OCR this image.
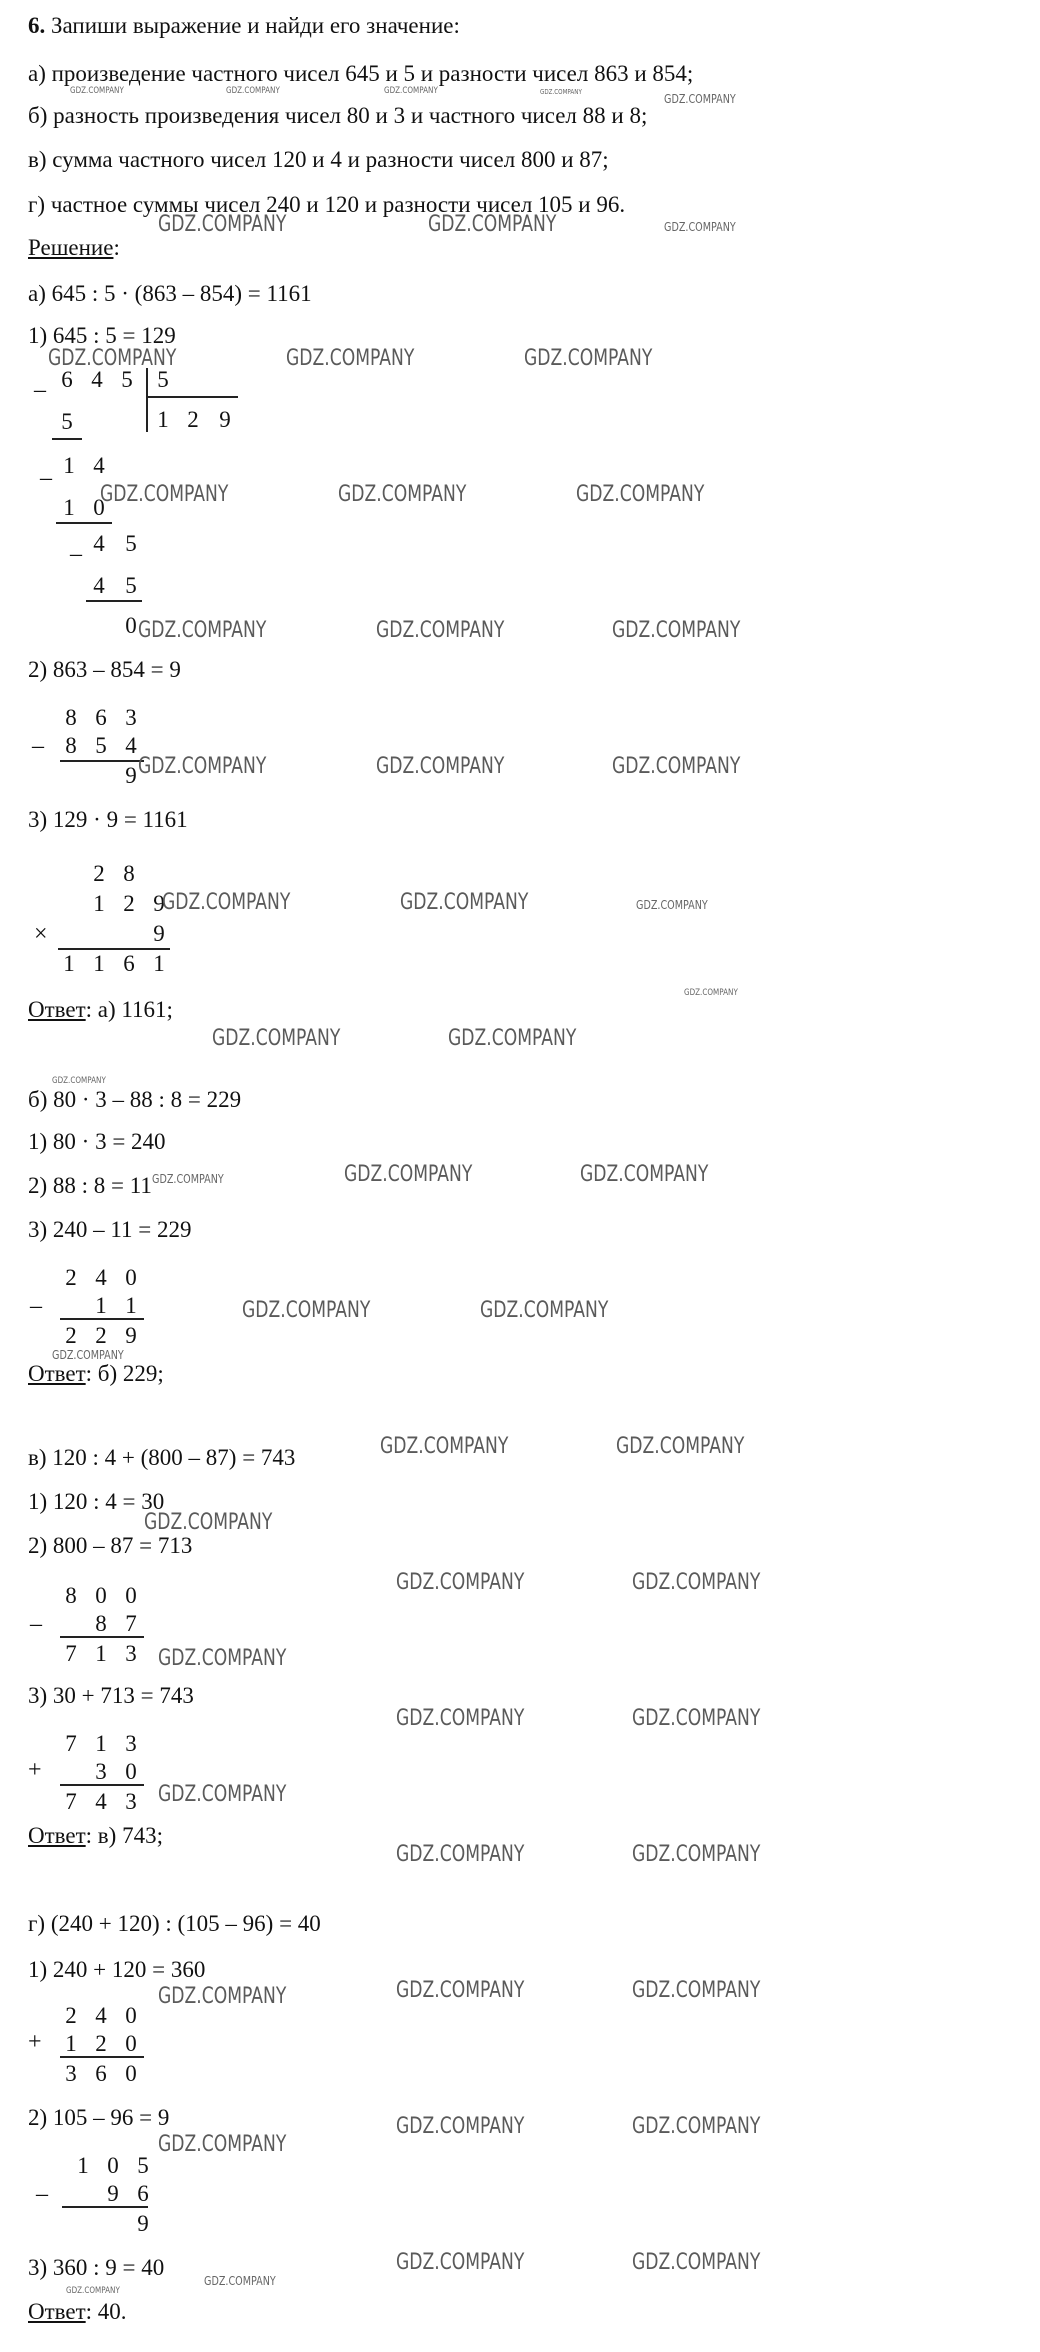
6. Запиши выражение и найди его значение:
а) произведение частного чисел 645 и 5 и разности чисел 863 и 854;
б) разность произведения чисел 80 и 3 и частного чисел 88 и 8;
в) сумма частного чисел 120 и 4 и разности чисел 800 и 87;
г) частное суммы чисел 240 и 120 и разности чисел 105 и 96.
Решение:
а) 645 : 5 · (863 – 854) = 1161
1) 645 : 5 = 129
– 6 4 5	5
1 2 9
5
– 1 4
1 0
– 4 5
4 5
0
2) 863 – 854 = 9
8 6 3
– 8 5 4
9
3) 129 · 9 = 1161
2 8
1 2 9
×	9
1 1 6 1
Ответ: а) 1161;
б) 80 · 3 – 88 : 8 = 229
1) 80 · 3 = 240
2) 88 : 8 = 11
3) 240 – 11 = 229
2 4 0
–	1 1
2 2 9
Ответ: б) 229;
в) 120 : 4 + (800 – 87) = 743
1) 120 : 4 = 30
2) 800 – 87 = 713
8 0 0
–	8 7
7 1 3
3) 30 + 713 = 743
7 1 3
+	3 0
7 4 3
Ответ: в) 743;
г) (240 + 120) : (105 – 96) = 40
1) 240 + 120 = 360
2 4 0
+	1 2 0
3 6 0
2) 105 – 96 = 9
1 0 5
–	9 6
9
3) 360 : 9 = 40
Ответ: 40.
GDZ.COMPANY	GDZ.COMPANY	GDZ.COMPANY	GDZ.COMPANY	GDZ.COMPANY
GDZ.COMPANY	GDZ.COMPANY	GDZ.COMPANY
GDZ.COMPANY	GDZ.COMPANY	GDZ.COMPANY
GDZ.COMPANY	GDZ.COMPANY	GDZ.COMPANY
GDZ.COMPANY	GDZ.COMPANY	GDZ.COMPANY
GDZ.COMPANY	GDZ.COMPANY	GDZ.COMPANY
GDZ.COMPANY	GDZ.COMPANY	GDZ.COMPANY
GDZ.COMPANY
GDZ.COMPANY	GDZ.COMPANY
GDZ.COMPANY
GDZ.COMPANY	GDZ.COMPANY	GDZ.COMPANY
GDZ.COMPANY	GDZ.COMPANY
GDZ.COMPANY
GDZ.COMPANY	GDZ.COMPANY
GDZ.COMPANY
GDZ.COMPANY	GDZ.COMPANY
GDZ.COMPANY
GDZ.COMPANY	GDZ.COMPANY
GDZ.COMPANY
GDZ.COMPANY	GDZ.COMPANY
GDZ.COMPANY	GDZ.COMPANY	GDZ.COMPANY
GDZ.COMPANY
GDZ.COMPANY	GDZ.COMPANY
GDZ.COMPANY
GDZ.COMPANY	GDZ.COMPANY
GDZ.COMPANY
